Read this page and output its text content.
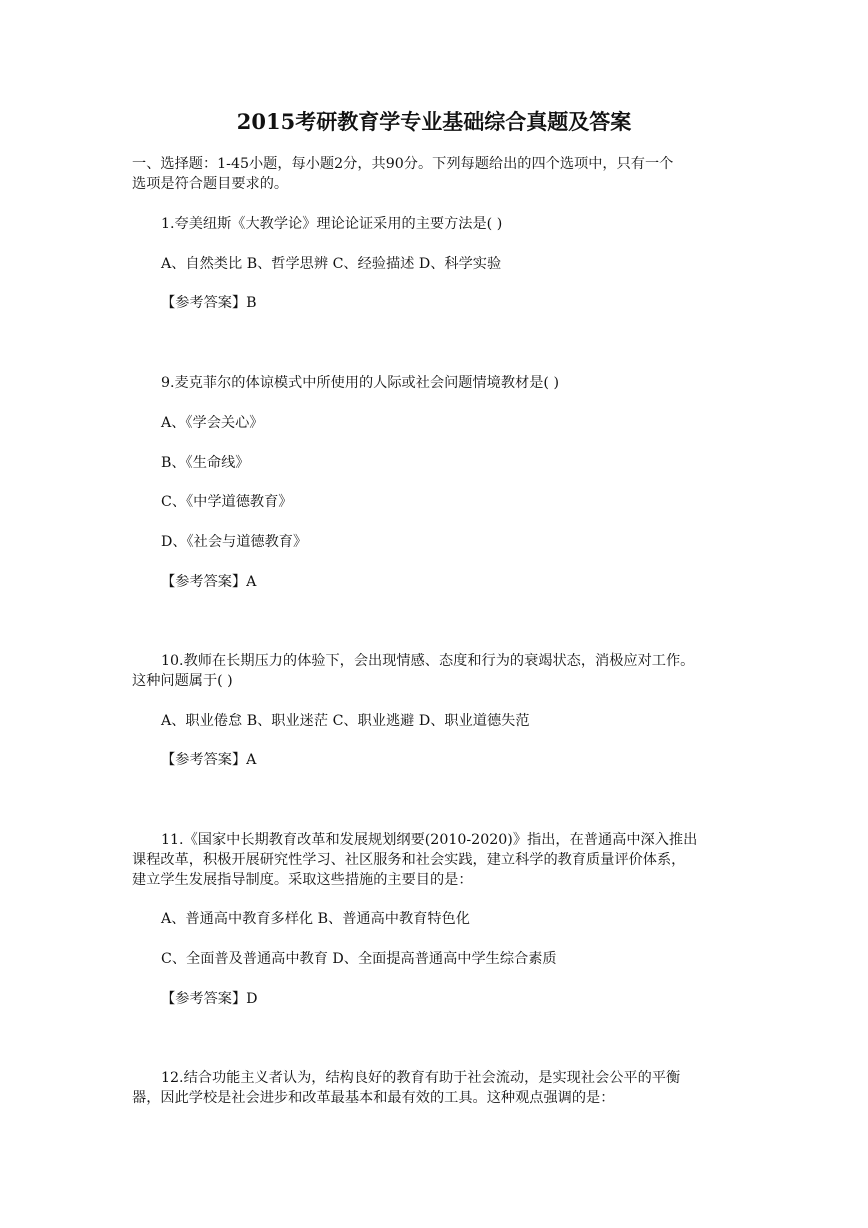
2015考研教育学专业基础综合真题及答案
一、选择题：1-45小题，每小题2分，共90分。下列每题给出的四个选项中，只有一个
选项是符合题目要求的。
1.夸美纽斯《大教学论》理论论证采用的主要方法是( )
A、自然类比 B、哲学思辨 C、经验描述 D、科学实验
【参考答案】B
9.麦克菲尔的体谅模式中所使用的人际或社会问题情境教材是( )
A、《学会关心》
B、《生命线》
C、《中学道德教育》
D、《社会与道德教育》
【参考答案】A
10.教师在长期压力的体验下，会出现情感、态度和行为的衰竭状态，消极应对工作。
这种问题属于( )
A、职业倦怠 B、职业迷茫 C、职业逃避 D、职业道德失范
【参考答案】A
11.《国家中长期教育改革和发展规划纲要(2010-2020)》指出，在普通高中深入推出
课程改革，积极开展研究性学习、社区服务和社会实践，建立科学的教育质量评价体系，
建立学生发展指导制度。采取这些措施的主要目的是：
A、普通高中教育多样化 B、普通高中教育特色化
C、全面普及普通高中教育 D、全面提高普通高中学生综合素质
【参考答案】D
12.结合功能主义者认为，结构良好的教育有助于社会流动，是实现社会公平的平衡
器，因此学校是社会进步和改革最基本和最有效的工具。这种观点强调的是：
